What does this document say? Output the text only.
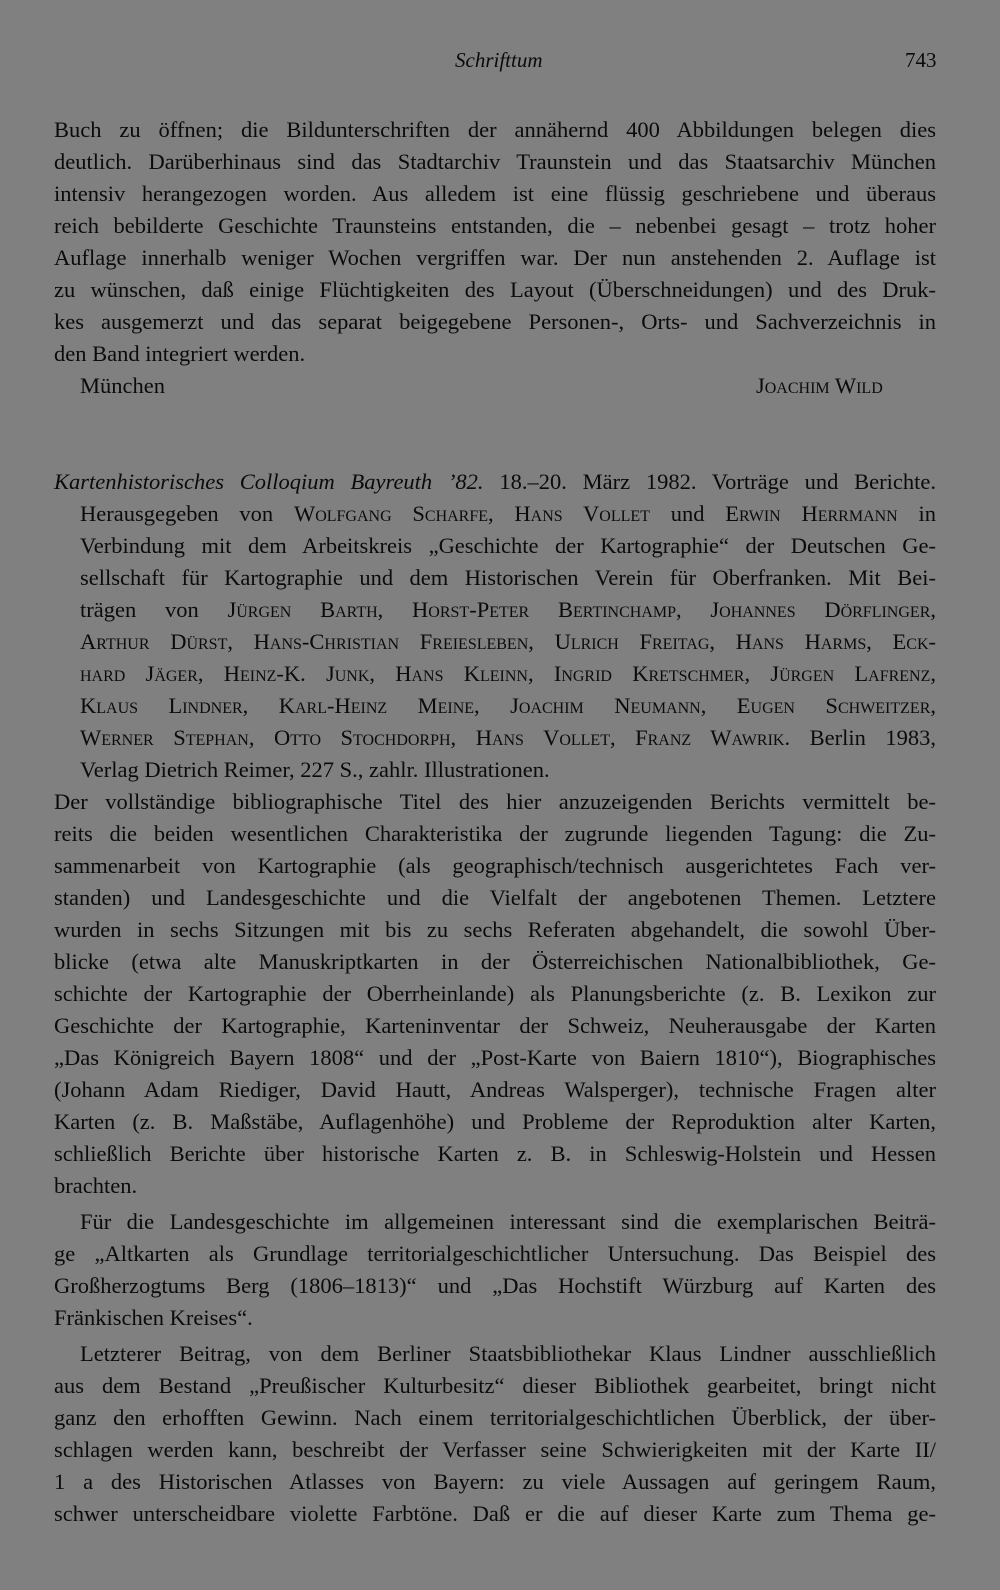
Schrifttum	743
Buch zu öffnen; die Bildunterschriften der annähernd 400 Abbildungen belegen dies
deutlich. Darüberhinaus sind das Stadtarchiv Traunstein und das Staatsarchiv München
intensiv herangezogen worden. Aus alledem ist eine flüssig geschriebene und überaus
reich bebilderte Geschichte Traunsteins entstanden, die – nebenbei gesagt – trotz hoher
Auflage innerhalb weniger Wochen vergriffen war. Der nun anstehenden 2. Auflage ist
zu wünschen, daß einige Flüchtigkeiten des Layout (Überschneidungen) und des Druk-
kes ausgemerzt und das separat beigegebene Personen-, Orts- und Sachverzeichnis in
den Band integriert werden.
München	Joachim Wild
Kartenhistorisches Colloqium Bayreuth ’82. 18.–20. März 1982. Vorträge und Berichte.
Herausgegeben von Wolfgang Scharfe, Hans Vollet und Erwin Herrmann in
Verbindung mit dem Arbeitskreis „Geschichte der Kartographie“ der Deutschen Ge-
sellschaft für Kartographie und dem Historischen Verein für Oberfranken. Mit Bei-
trägen von Jürgen Barth, Horst-Peter Bertinchamp, Johannes Dörflinger,
Arthur Dürst, Hans-Christian Freiesleben, Ulrich Freitag, Hans Harms, Eck-
hard Jäger, Heinz-K. Junk, Hans Kleinn, Ingrid Kretschmer, Jürgen Lafrenz,
Klaus Lindner, Karl-Heinz Meine, Joachim Neumann, Eugen Schweitzer,
Werner Stephan, Otto Stochdorph, Hans Vollet, Franz Wawrik. Berlin 1983,
Verlag Dietrich Reimer, 227 S., zahlr. Illustrationen.
Der vollständige bibliographische Titel des hier anzuzeigenden Berichts vermittelt be-
reits die beiden wesentlichen Charakteristika der zugrunde liegenden Tagung: die Zu-
sammenarbeit von Kartographie (als geographisch/technisch ausgerichtetes Fach ver-
standen) und Landesgeschichte und die Vielfalt der angebotenen Themen. Letztere
wurden in sechs Sitzungen mit bis zu sechs Referaten abgehandelt, die sowohl Über-
blicke (etwa alte Manuskriptkarten in der Österreichischen Nationalbibliothek, Ge-
schichte der Kartographie der Oberrheinlande) als Planungsberichte (z. B. Lexikon zur
Geschichte der Kartographie, Karteninventar der Schweiz, Neuherausgabe der Karten
„Das Königreich Bayern 1808“ und der „Post-Karte von Baiern 1810“), Biographisches
(Johann Adam Riediger, David Hautt, Andreas Walsperger), technische Fragen alter
Karten (z. B. Maßstäbe, Auflagenhöhe) und Probleme der Reproduktion alter Karten,
schließlich Berichte über historische Karten z. B. in Schleswig-Holstein und Hessen
brachten.
Für die Landesgeschichte im allgemeinen interessant sind die exemplarischen Beiträ-
ge „Altkarten als Grundlage territorialgeschichtlicher Untersuchung. Das Beispiel des
Großherzogtums Berg (1806–1813)“ und „Das Hochstift Würzburg auf Karten des
Fränkischen Kreises“.
Letzterer Beitrag, von dem Berliner Staatsbibliothekar Klaus Lindner ausschließlich
aus dem Bestand „Preußischer Kulturbesitz“ dieser Bibliothek gearbeitet, bringt nicht
ganz den erhofften Gewinn. Nach einem territorialgeschichtlichen Überblick, der über-
schlagen werden kann, beschreibt der Verfasser seine Schwierigkeiten mit der Karte II/
1 a des Historischen Atlasses von Bayern: zu viele Aussagen auf geringem Raum,
schwer unterscheidbare violette Farbtöne. Daß er die auf dieser Karte zum Thema ge-
